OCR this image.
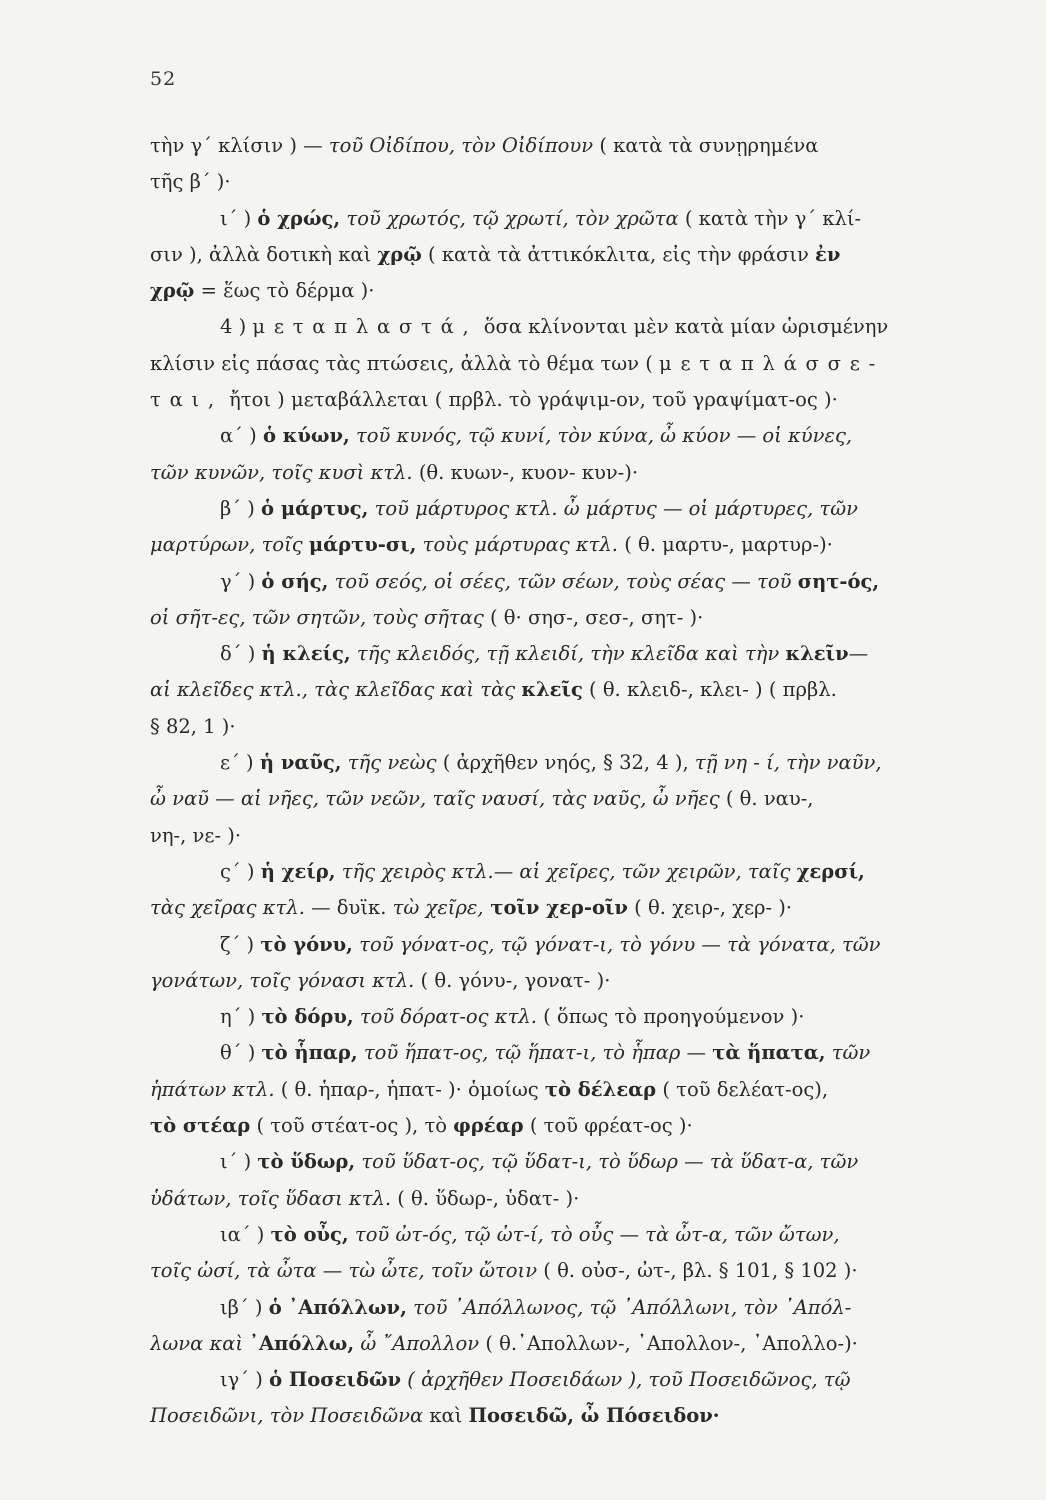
52
τὴν γ΄ κλίσιν ) — τοῦ Οἰδίπου, τὸν Οἰδίπουν ( κατὰ τὰ συνῃρημένα
τῆς β΄ )·
ι΄ ) ὁ χρώς, τοῦ χρωτός, τῷ χρωτί, τὸν χρῶτα ( κατὰ τὴν γ΄ κλί-
σιν ), ἀλλὰ δοτικὴ καὶ χρῷ ( κατὰ τὰ ἀττικόκλιτα, εἰς τὴν φράσιν ἐν
χρῷ = ἕως τὸ δέρμα )·
4 ) μεταπλαστά, ὅσα κλίνονται μὲν κατὰ μίαν ὡρισμένην
κλίσιν εἰς πάσας τὰς πτώσεις, ἀλλὰ τὸ θέμα των ( μεταπλάσσε-
ται, ἤτοι ) μεταβάλλεται ( πρβλ. τὸ γράψιμ-ον, τοῦ γραψίματ-ος )·
α΄ ) ὁ κύων, τοῦ κυνός, τῷ κυνί, τὸν κύνα, ὦ κύον — οἱ κύνες,
τῶν κυνῶν, τοῖς κυσὶ κτλ. (θ. κυων-, κυον- κυν-)·
β΄ ) ὁ μάρτυς, τοῦ μάρτυρος κτλ. ὦ μάρτυς — οἱ μάρτυρες, τῶν
μαρτύρων, τοῖς μάρτυ-σι, τοὺς μάρτυρας κτλ. ( θ. μαρτυ-, μαρτυρ-)·
γ΄ ) ὁ σής, τοῦ σεός, οἱ σέες, τῶν σέων, τοὺς σέας — τοῦ σητ-ός,
οἱ σῆτ-ες, τῶν σητῶν, τοὺς σῆτας ( θ· σησ-, σεσ-, σητ- )·
δ΄ ) ἡ κλείς, τῆς κλειδός, τῇ κλειδί, τὴν κλεῖδα καὶ τὴν κλεῖν—
αἱ κλεῖδες κτλ., τὰς κλεῖδας καὶ τὰς κλεῖς ( θ. κλειδ-, κλει- ) ( πρβλ.
§ 82, 1 )·
ε΄ ) ἡ ναῦς, τῆς νεὼς ( ἀρχῆθεν νηός, § 32, 4 ), τῇ νη - ί, τὴν ναῦν,
ὦ ναῦ — αἱ νῆες, τῶν νεῶν, ταῖς ναυσί, τὰς ναῦς, ὦ νῆες ( θ. ναυ-,
νη-, νε- )·
ς΄ ) ἡ χείρ, τῆς χειρὸς κτλ.— αἱ χεῖρες, τῶν χειρῶν, ταῖς χερσί,
τὰς χεῖρας κτλ. — δυϊκ. τὼ χεῖρε, τοῖν χερ-οῖν ( θ. χειρ-, χερ- )·
ζ΄ ) τὸ γόνυ, τοῦ γόνατ-ος, τῷ γόνατ-ι, τὸ γόνυ — τὰ γόνατα, τῶν
γονάτων, τοῖς γόνασι κτλ. ( θ. γόνυ-, γονατ- )·
η΄ ) τὸ δόρυ, τοῦ δόρατ-ος κτλ. ( ὅπως τὸ προηγούμενον )·
θ΄ ) τὸ ἧπαρ, τοῦ ἥπατ-ος, τῷ ἥπατ-ι, τὸ ἧπαρ — τὰ ἥπατα, τῶν
ἡπάτων κτλ. ( θ. ἡπαρ-, ἡπατ- )· ὁμοίως τὸ δέλεαρ ( τοῦ δελέατ-ος),
τὸ στέαρ ( τοῦ στέατ-ος ), τὸ φρέαρ ( τοῦ φρέατ-ος )·
ι΄ ) τὸ ὕδωρ, τοῦ ὕδατ-ος, τῷ ὕδατ-ι, τὸ ὕδωρ — τὰ ὕδατ-α, τῶν
ὑδάτων, τοῖς ὕδασι κτλ. ( θ. ὕδωρ-, ὑδατ- )·
ια΄ ) τὸ οὖς, τοῦ ὠτ-ός, τῷ ὠτ-ί, τὸ οὖς — τὰ ὦτ-α, τῶν ὤτων,
τοῖς ὠσί, τὰ ὦτα — τὼ ὦτε, τοῖν ὤτοιν ( θ. οὐσ-, ὠτ-, βλ. § 101, § 102 )·
ιβ΄ ) ὁ ᾿Απόλλων, τοῦ ᾿Απόλλωνος, τῷ ᾿Απόλλωνι, τὸν ᾿Απόλ-
λωνα καὶ ᾿Απόλλω, ὦ ῎Απολλον ( θ.᾿Απολλων-, ᾿Απολλον-, ᾿Απολλο-)·
ιγ΄ ) ὁ Ποσειδῶν ( ἀρχῆθεν Ποσειδάων ), τοῦ Ποσειδῶνος, τῷ
Ποσειδῶνι, τὸν Ποσειδῶνα καὶ Ποσειδῶ, ὦ Πόσειδον·
